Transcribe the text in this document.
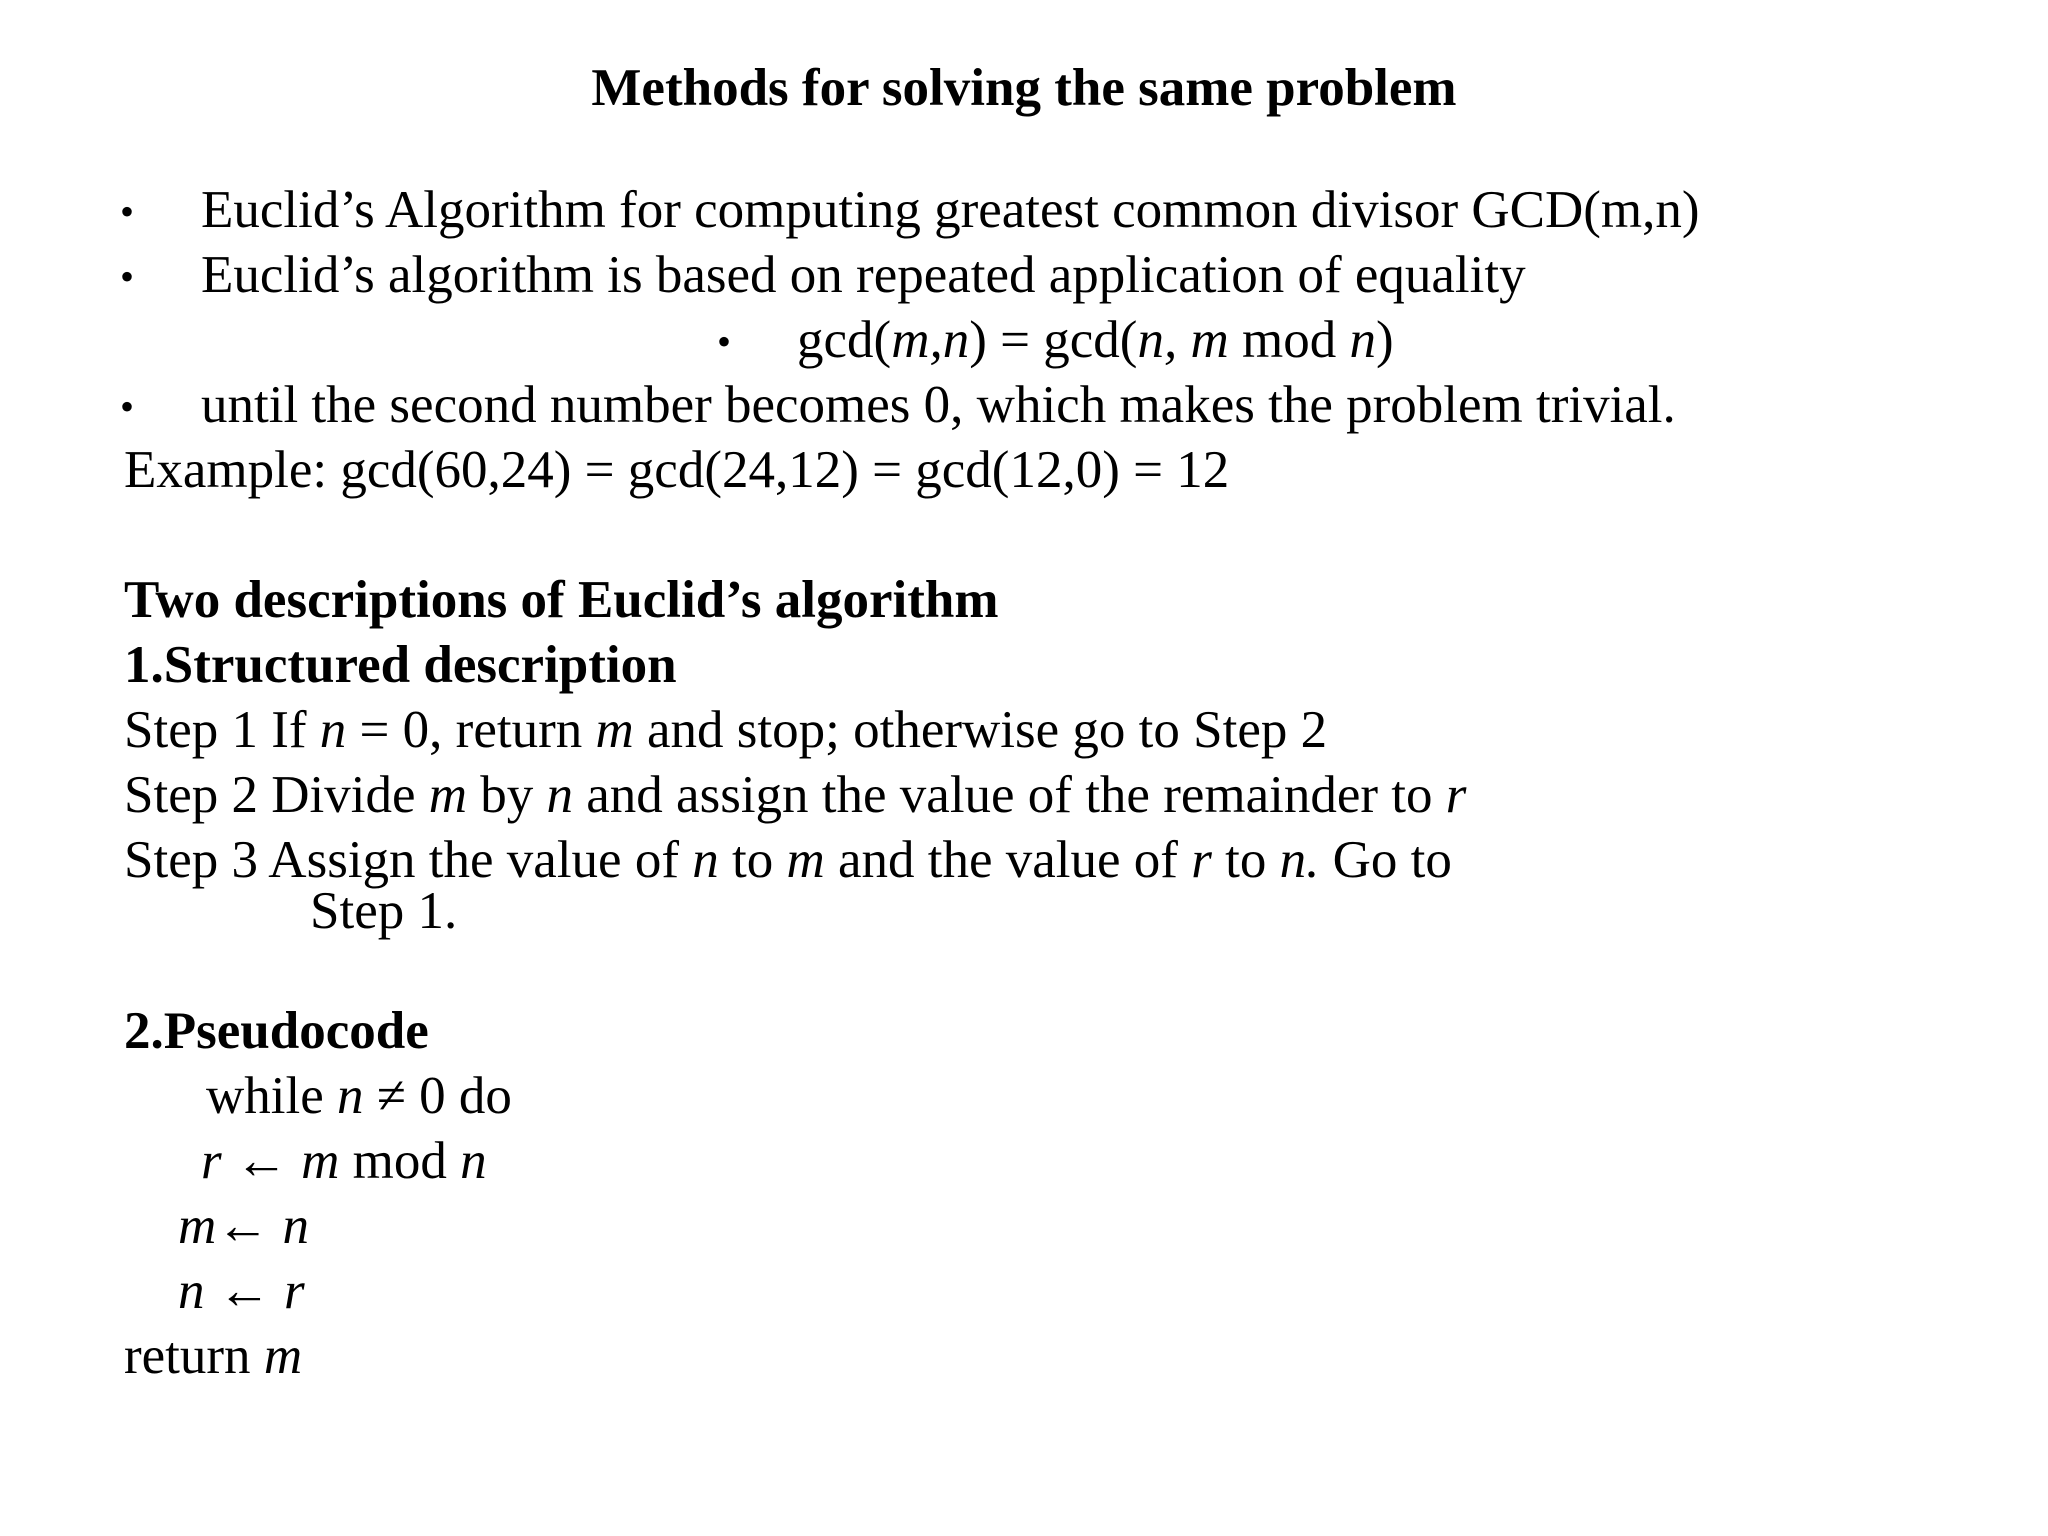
Methods for solving the same problem
• Euclid’s Algorithm for computing greatest common divisor GCD(m,n)
• Euclid’s algorithm is based on repeated application of equality
• gcd(m,n) = gcd(n, m mod n)
• until the second number becomes 0, which makes the problem trivial.
Example: gcd(60,24) = gcd(24,12) = gcd(12,0) = 12
Two descriptions of Euclid’s algorithm
1.Structured description
Step 1 If n = 0, return m and stop; otherwise go to Step 2
Step 2 Divide m by n and assign the value of the remainder to r
Step 3 Assign the value of n to m and the value of r to n. Go to
Step 1.
2.Pseudocode
while n ≠ 0 do
r ← m mod n
m← n
n ← r
return m
